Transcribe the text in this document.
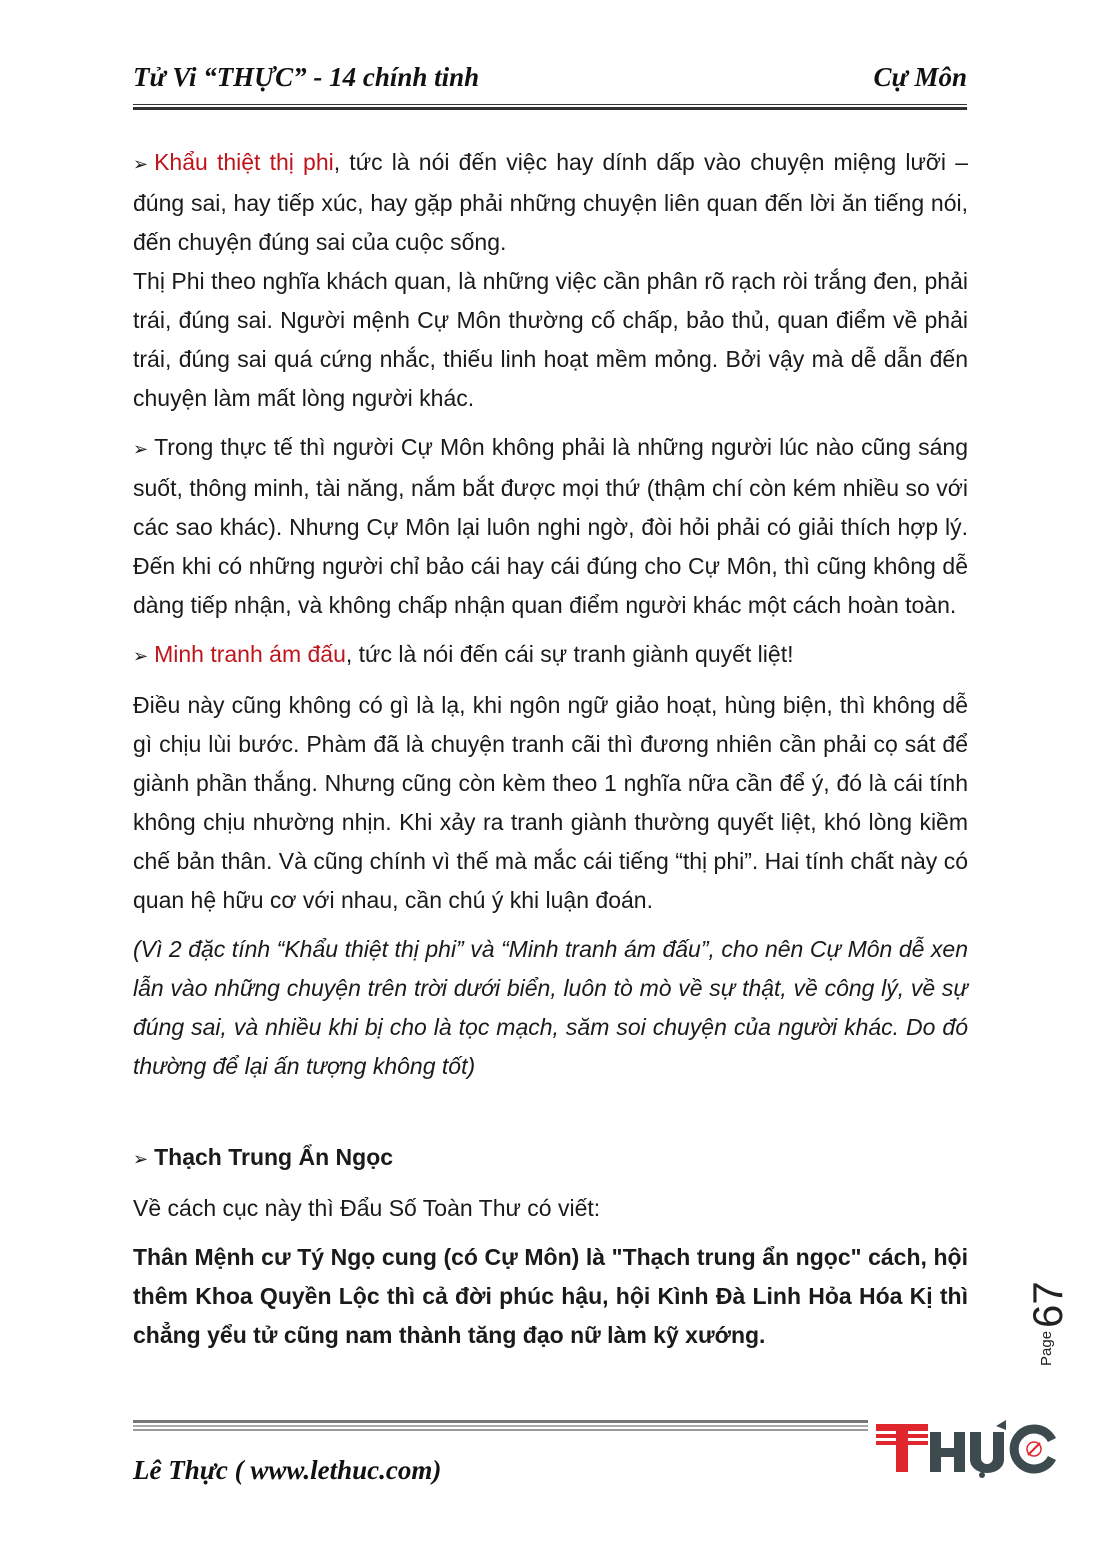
Tử Vi “THỰC” - 14 chính tinh	Cự Môn

➢ Khẩu thiệt thị phi, tức là nói đến việc hay dính dấp vào chuyện miệng lưỡi – đúng sai, hay tiếp xúc, hay gặp phải những chuyện liên quan đến lời ăn tiếng nói, đến chuyện đúng sai của cuộc sống.

Thị Phi theo nghĩa khách quan, là những việc cần phân rõ rạch ròi trắng đen, phải trái, đúng sai. Người mệnh Cự Môn thường cố chấp, bảo thủ, quan điểm về phải trái, đúng sai quá cứng nhắc, thiếu linh hoạt mềm mỏng. Bởi vậy mà dễ dẫn đến chuyện làm mất lòng người khác.

➢ Trong thực tế thì người Cự Môn không phải là những người lúc nào cũng sáng suốt, thông minh, tài năng, nắm bắt được mọi thứ (thậm chí còn kém nhiều so với các sao khác). Nhưng Cự Môn lại luôn nghi ngờ, đòi hỏi phải có giải thích hợp lý. Đến khi có những người chỉ bảo cái hay cái đúng cho Cự Môn, thì cũng không dễ dàng tiếp nhận, và không chấp nhận quan điểm người khác một cách hoàn toàn.

➢ Minh tranh ám đấu, tức là nói đến cái sự tranh giành quyết liệt!

Điều này cũng không có gì là lạ, khi ngôn ngữ giảo hoạt, hùng biện, thì không dễ gì chịu lùi bước. Phàm đã là chuyện tranh cãi thì đương nhiên cần phải cọ sát để giành phần thắng. Nhưng cũng còn kèm theo 1 nghĩa nữa cần để ý, đó là cái tính không chịu nhường nhịn. Khi xảy ra tranh giành thường quyết liệt, khó lòng kiềm chế bản thân. Và cũng chính vì thế mà mắc cái tiếng “thị phi”. Hai tính chất này có quan hệ hữu cơ với nhau, cần chú ý khi luận đoán.

(Vì 2 đặc tính “Khẩu thiệt thị phi” và “Minh tranh ám đấu”, cho nên Cự Môn dễ xen lẫn vào những chuyện trên trời dưới biển, luôn tò mò về sự thật, về công lý, về sự đúng sai, và nhiều khi bị cho là tọc mạch, săm soi chuyện của người khác. Do đó thường để lại ấn tượng không tốt)

➢ Thạch Trung Ẩn Ngọc

Về cách cục này thì Đẩu Số Toàn Thư có viết:

Thân Mệnh cư Tý Ngọ cung (có Cự Môn) là "Thạch trung ẩn ngọc" cách, hội thêm Khoa Quyền Lộc thì cả đời phúc hậu, hội Kình Đà Linh Hỏa Hóa Kị thì chẳng yểu tử cũng nam thành tăng đạo nữ làm kỹ xướng.	Page
67
Lê Thực ( www.lethuc.com)
